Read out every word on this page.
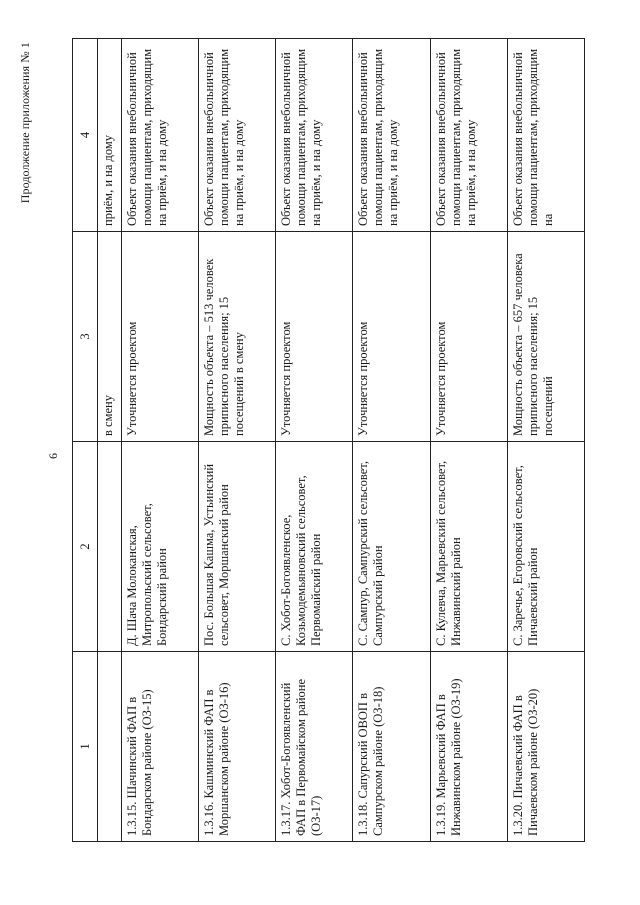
6
Продолжение приложения № 1
1	2	3	4
		в смену	приём, и на дому
1.3.15. Шачинский ФАП в Бондарском районе (ОЗ-15)	Д. Шача Молоканская, Митропольский сельсовет, Бондарский район	Уточняется проектом	Объект оказания внебольничной помощи пациентам, приходящим на приём, и на дому
1.3.16. Кашминский ФАП в Моршанском районе (ОЗ-16)	Пос. Большая Кашма, Устьинский сельсовет, Моршанский район	Мощность объекта – 513 человек приписного населения; 15 посещений в смену	Объект оказания внебольничной помощи пациентам, приходящим на приём, и на дому
1.3.17. Хобот-Богоявленский ФАП в Первомайском районе (ОЗ-17)	С. Хобот-Богоявленское, Козьмодемьяновский сельсовет, Первомайский район	Уточняется проектом	Объект оказания внебольничной помощи пациентам, приходящим на приём, и на дому
1.3.18. Сапурский ОВОП в Сампурском районе (ОЗ-18)	С. Сампур, Сампурский сельсовет, Сампурский район	Уточняется проектом	Объект оказания внебольничной помощи пациентам, приходящим на приём, и на дому
1.3.19. Марьевский ФАП в Инжавинском районе (ОЗ-19)	С. Кулевча, Марьевский сельсовет, Инжавинский район	Уточняется проектом	Объект оказания внебольничной помощи пациентам, приходящим на приём, и на дому
1.3.20. Пичаевский ФАП в Пичаевском районе (ОЗ-20)	С. Заречье, Егоровский сельсовет, Пичаевский район	Мощность объекта – 657 человека приписного населения; 15 посещений	Объект оказания внебольничной помощи пациентам, приходящим на
